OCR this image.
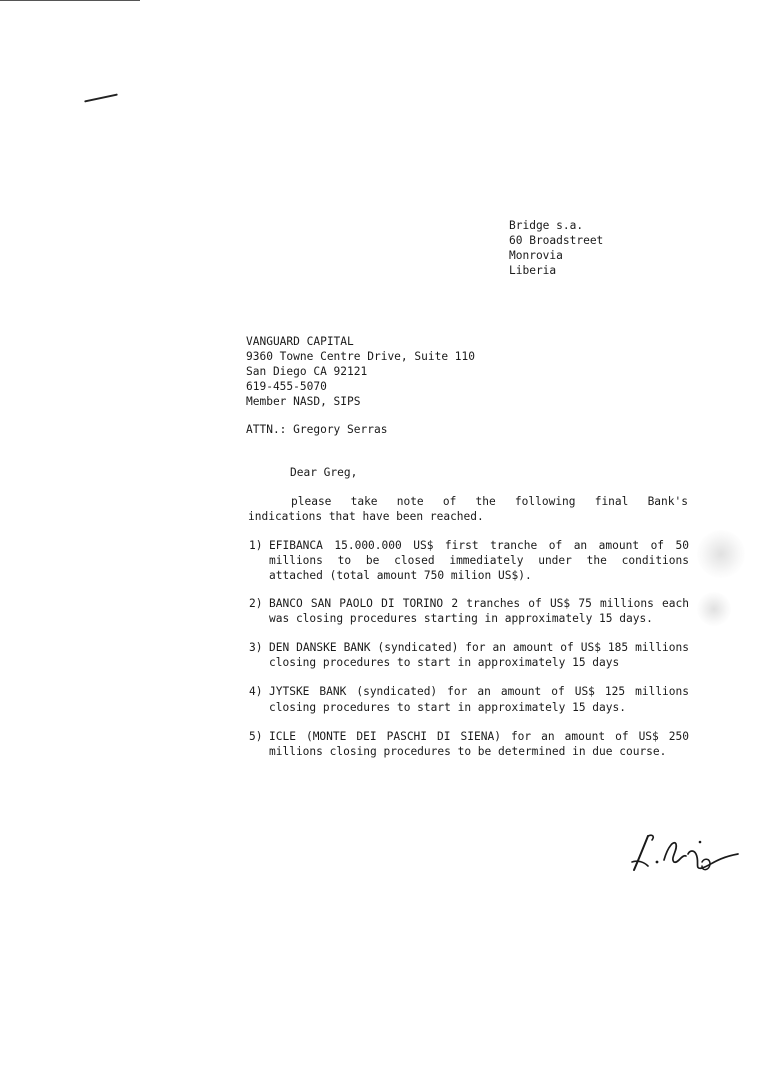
Bridge s.a.
60 Broadstreet
Monrovia
Liberia
VANGUARD CAPITAL
9360 Towne Centre Drive, Suite 110
San Diego CA 92121
619-455-5070
Member NASD, SIPS
ATTN.: Gregory Serras
Dear Greg,
please take note of the following final Bank's
indications that have been reached.
1) EFIBANCA 15.000.000 US$ first tranche of an amount of 50 millions to be closed immediately under the conditions attached (total amount 750 milion US$).
2) BANCO SAN PAOLO DI TORINO 2 tranches of US$ 75 millions each was closing procedures starting in approximately 15 days.
3) DEN DANSKE BANK (syndicated) for an amount of US$ 185 millions closing procedures to start in approximately 15 days
4) JYTSKE BANK (syndicated) for an amount of US$ 125 millions closing procedures to start in approximately 15 days.
5) ICLE (MONTE DEI PASCHI DI SIENA) for an amount of US$ 250 millions closing procedures to be determined in due course.
